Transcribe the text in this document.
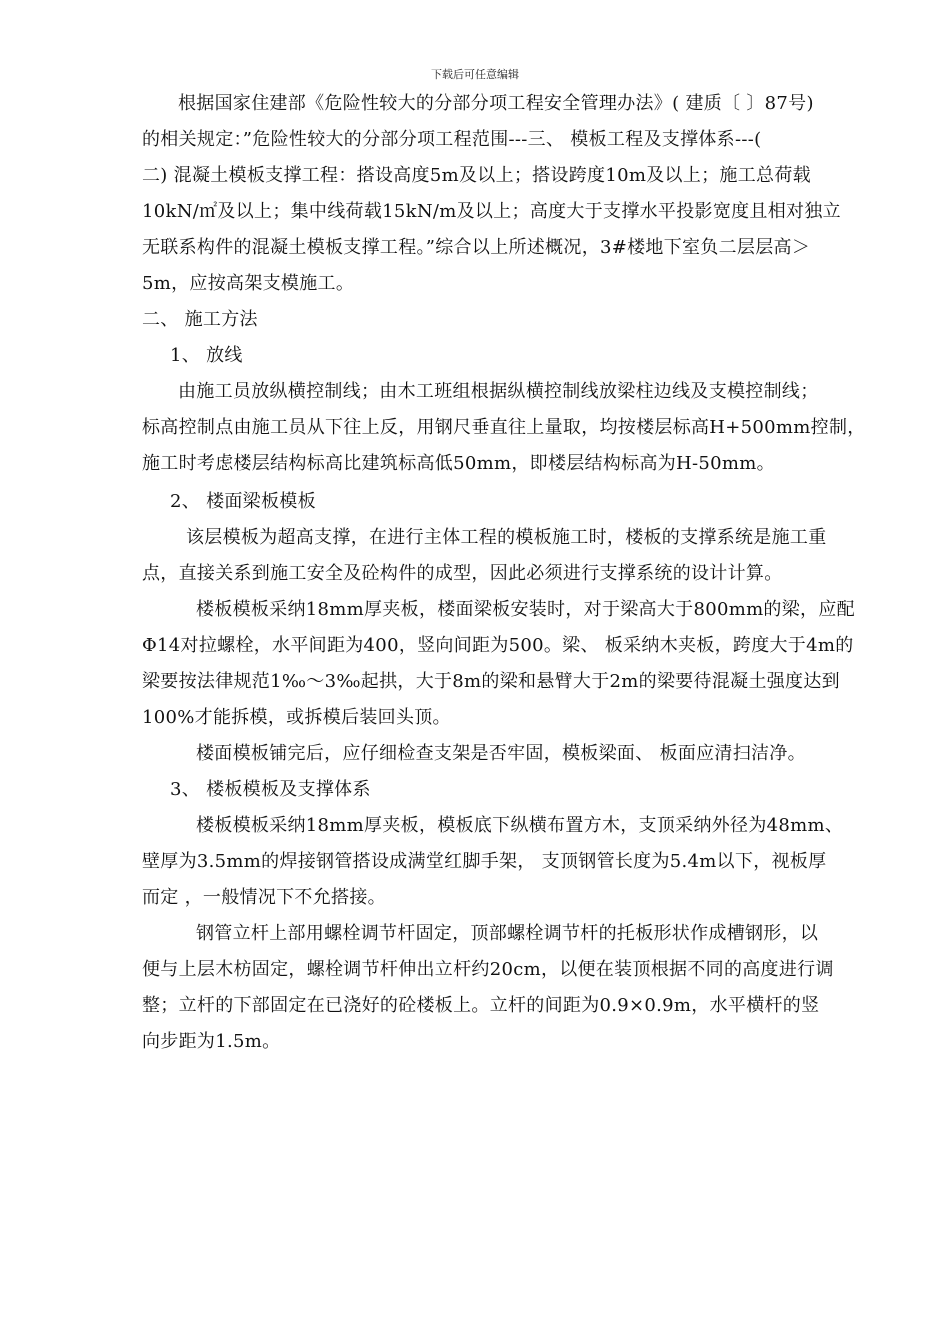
下载后可任意编辑
根据国家住建部《危险性较大的分部分项工程安全管理办法》( 建质〔 〕87号)
的相关规定：”危险性较大的分部分项工程范围---三、 模板工程及支撑体系---(
二) 混凝土模板支撑工程：搭设高度5m及以上；搭设跨度10m及以上；施工总荷载
10kN/㎡及以上；集中线荷载15kN/m及以上；高度大于支撑水平投影宽度且相对独立
无联系构件的混凝土模板支撑工程。”综合以上所述概况，3#楼地下室负二层层高＞
5m，应按高架支模施工。
二、 施工方法
1、 放线
由施工员放纵横控制线；由木工班组根据纵横控制线放梁柱边线及支模控制线；
标高控制点由施工员从下往上反，用钢尺垂直往上量取，均按楼层标高H+500mm控制，
施工时考虑楼层结构标高比建筑标高低50mm，即楼层结构标高为H-50mm。
2、 楼面梁板模板
该层模板为超高支撑，在进行主体工程的模板施工时，楼板的支撑系统是施工重
点，直接关系到施工安全及砼构件的成型，因此必须进行支撑系统的设计计算。
楼板模板采纳18mm厚夹板，楼面梁板安装时，对于梁高大于800mm的梁，应配
Φ14对拉螺栓，水平间距为400，竖向间距为500。梁、 板采纳木夹板，跨度大于4m的
梁要按法律规范1‰～3‰起拱，大于8m的梁和悬臂大于2m的梁要待混凝土强度达到
100%才能拆模，或拆模后装回头顶。
楼面模板铺完后，应仔细检查支架是否牢固，模板梁面、 板面应清扫洁净。
3、 楼板模板及支撑体系
楼板模板采纳18mm厚夹板，模板底下纵横布置方木，支顶采纳外径为48mm、
壁厚为3.5mm的焊接钢管搭设成满堂红脚手架， 支顶钢管长度为5.4m以下，视板厚
而定 ，一般情况下不允搭接。
钢管立杆上部用螺栓调节杆固定，顶部螺栓调节杆的托板形状作成槽钢形，以
便与上层木枋固定，螺栓调节杆伸出立杆约20cm，以便在装顶根据不同的高度进行调
整；立杆的下部固定在已浇好的砼楼板上。立杆的间距为0.9×0.9m，水平横杆的竖
向步距为1.5m。
